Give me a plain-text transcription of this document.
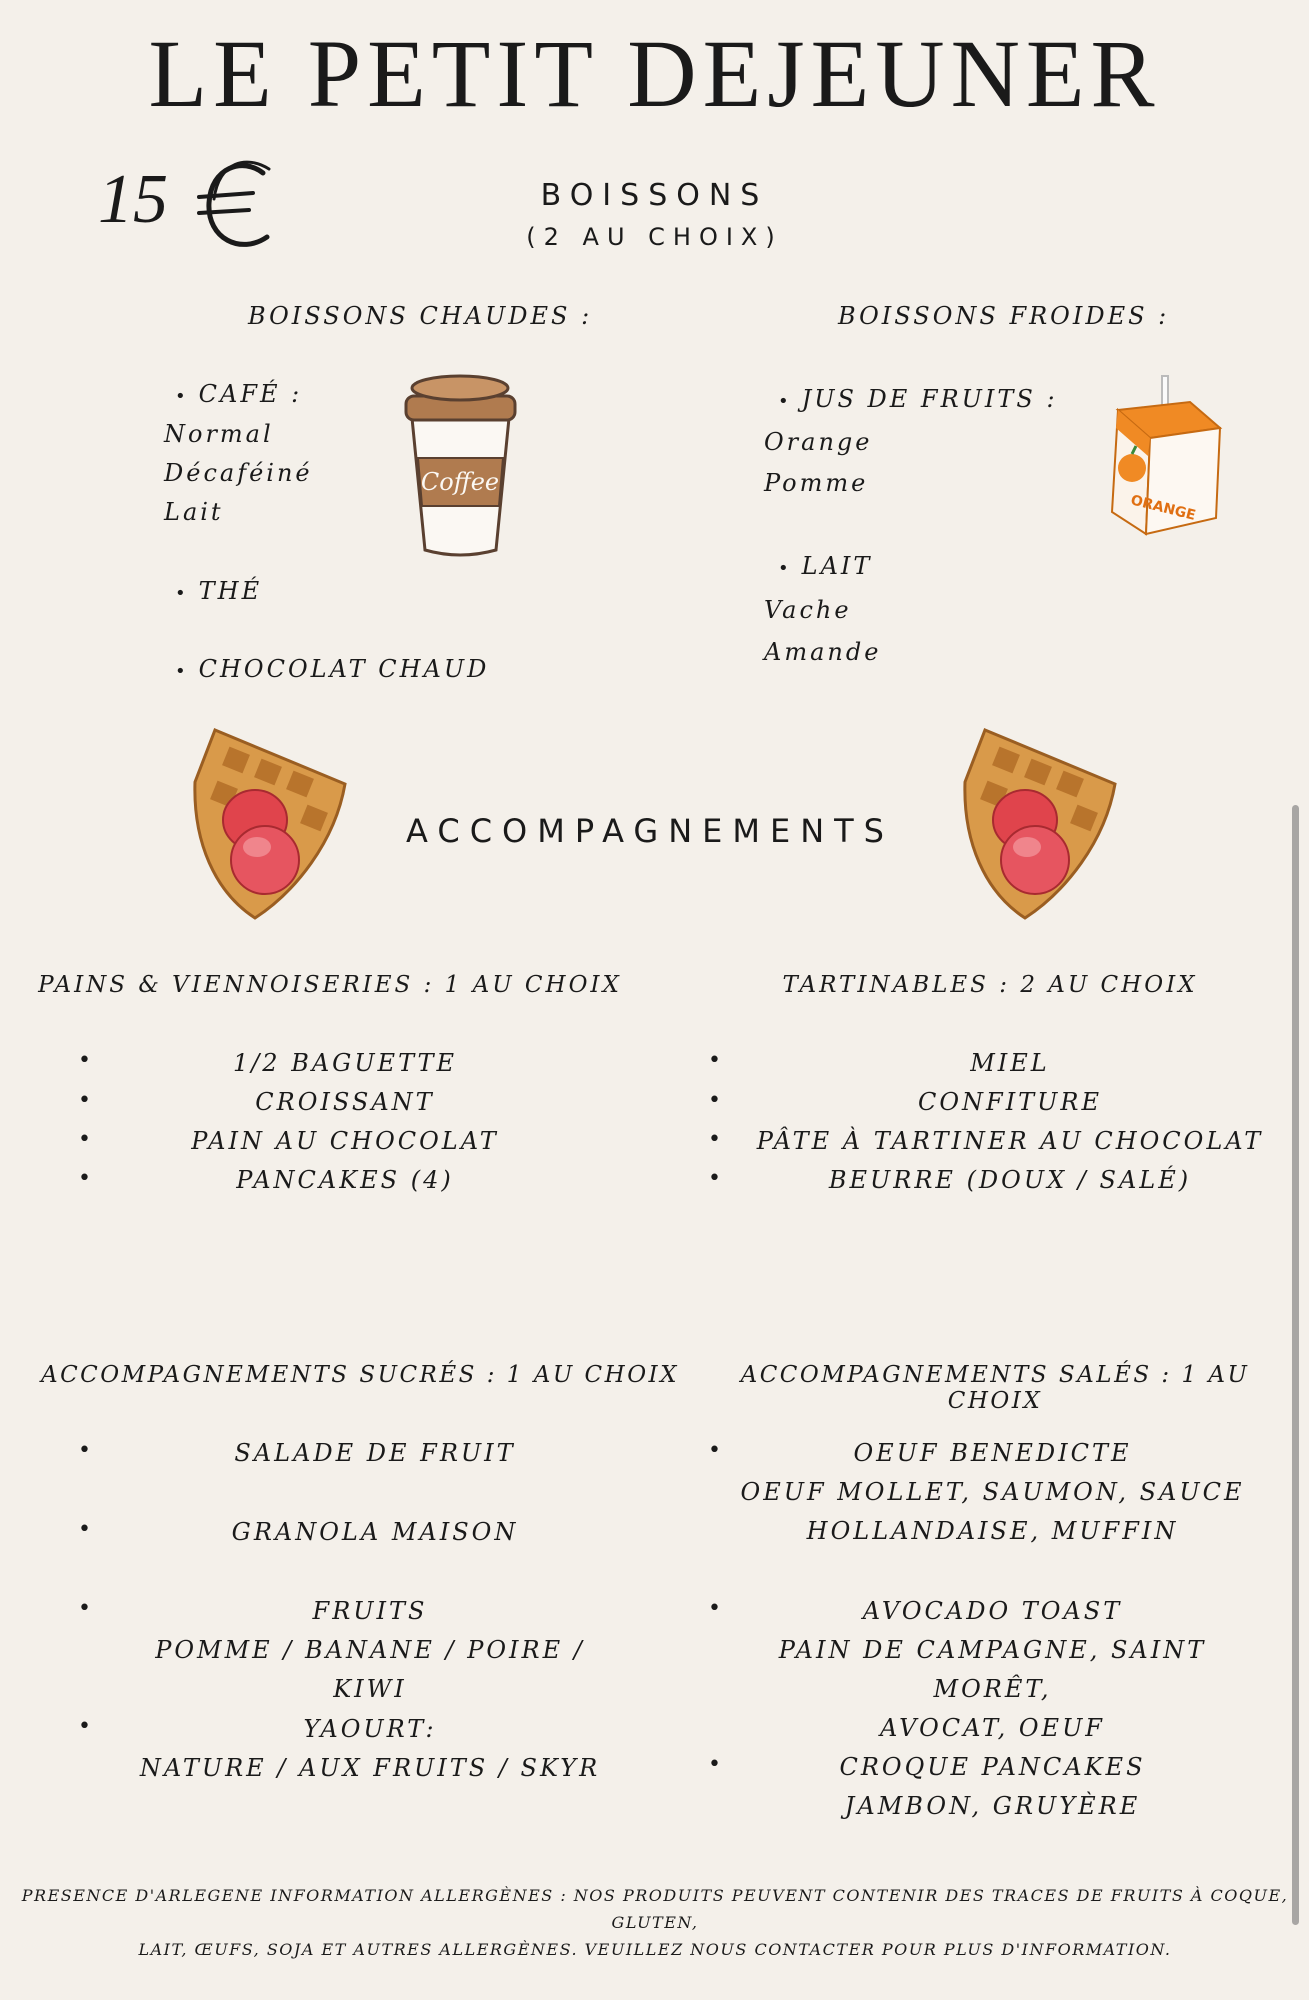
LE PETIT DEJEUNER
15	BOISSONS
(2 AU CHOIX)
BOISSONS CHAUDES :
• CAFÉ :
Normal
Décaféiné
Lait
• THÉ
• CHOCOLAT CHAUD
Coffee
BOISSONS FROIDES :
• JUS DE FRUITS :
Orange
Pomme
• LAIT
Vache
Amande
ORANGE
ACCOMPAGNEMENTS
PAINS & VIENNOISERIES : 1 AU CHOIX	TARTINABLES : 2 AU CHOIX
•
•
•
•
1/2 BAGUETTE
CROISSANT
PAIN AU CHOCOLAT
PANCAKES (4)
•
•
•
•
MIEL
CONFITURE
PÂTE À TARTINER AU CHOCOLAT
BEURRE (DOUX / SALÉ)
ACCOMPAGNEMENTS SUCRÉS : 1 AU CHOIX	ACCOMPAGNEMENTS SALÉS : 1 AU CHOIX
•	SALADE DE FRUIT
•	GRANOLA MAISON
•	FRUITS
POMME / BANANE / POIRE / KIWI
•	YAOURT:
NATURE / AUX FRUITS / SKYR
•	OEUF BENEDICTE
OEUF MOLLET, SAUMON, SAUCE
HOLLANDAISE, MUFFIN
•	AVOCADO TOAST
PAIN DE CAMPAGNE, SAINT MORÊT,
AVOCAT, OEUF
•	CROQUE PANCAKES
JAMBON, GRUYÈRE
PRESENCE D'ARLEGENE INFORMATION ALLERGÈNES : NOS PRODUITS PEUVENT CONTENIR DES TRACES DE FRUITS À COQUE, GLUTEN,
LAIT, ŒUFS, SOJA ET AUTRES ALLERGÈNES. VEUILLEZ NOUS CONTACTER POUR PLUS D'INFORMATION.
